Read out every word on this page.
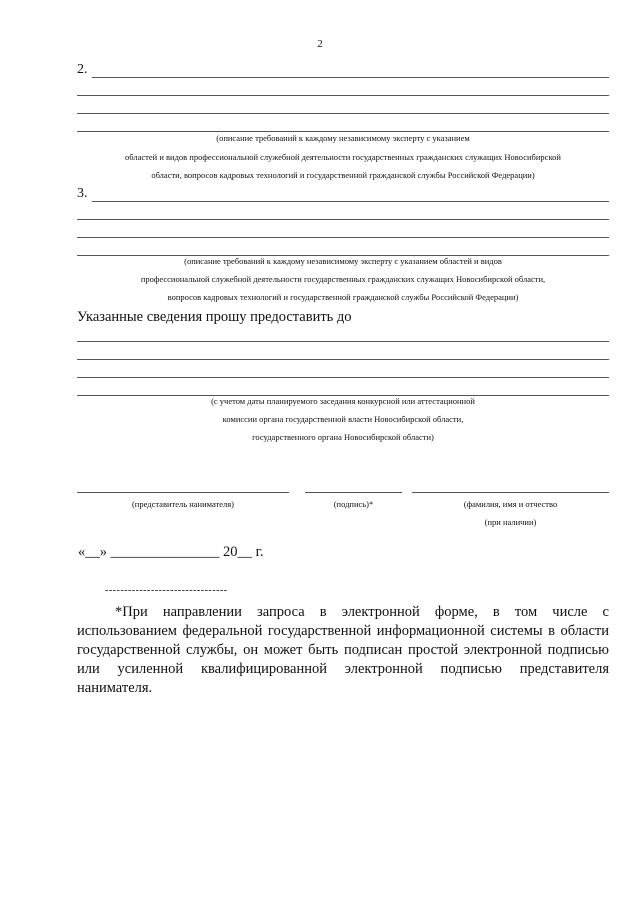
2
2.
(описание требований к каждому независимому эксперту с указанием
областей и видов профессиональной служебной деятельности государственных гражданских служащих Новосибирской
области, вопросов кадровых технологий и государственной гражданской службы Российской Федерации)
3.
(описание требований к каждому независимому эксперту с указанием областей и видов
профессиональной служебной деятельности государственных гражданских служащих Новосибирской области,
вопросов кадровых технологий и государственной гражданской службы Российской Федерации)
Указанные сведения прошу предоставить до
(с учетом даты планируемого заседания конкурсной или аттестационной
комиссии органа государственной власти Новосибирской области,
государственного органа Новосибирской области)
(представитель нанимателя)	(подпись)*	(фамилия, имя и отчество
(при наличии)
«__» _______________ 20__ г.
--------------------------------

*При направлении запроса в электронной форме, в том числе с использованием федеральной государственной информационной системы в области государственной службы, он может быть подписан простой электронной подписью или усиленной квалифицированной электронной подписью представителя нанимателя.
